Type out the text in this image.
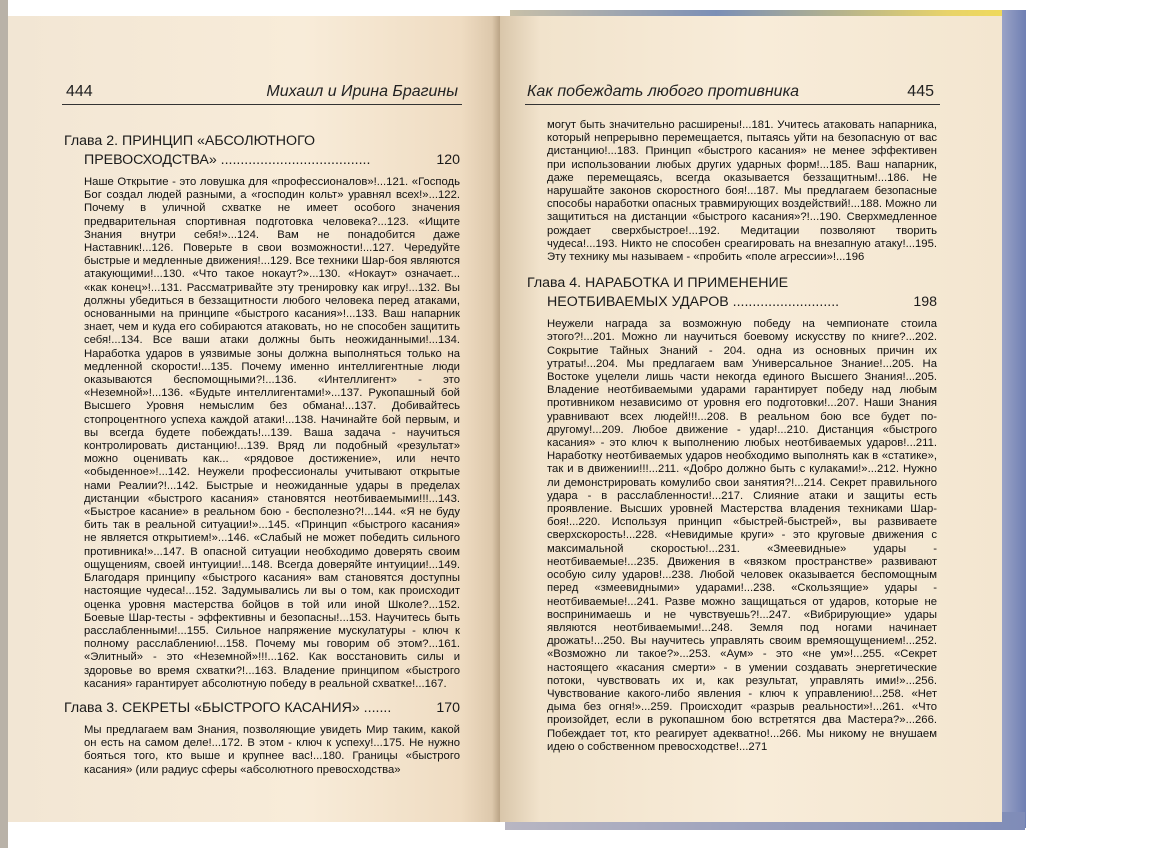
444	Михаил и Ирина Брагины
Глава 2. ПРИНЦИП «АБСОЛЮТНОГО
ПРЕВОСХОДСТВА» ......................................	120

Наше Открытие - это ловушка для «профессионалов»!...121. «Господь Бог создал людей разными, а «господин кольт» уравнял всех!»...122. Почему в уличной схватке не имеет особого значения предварительная спортивная подготовка человека?...123. «Ищите Знания внутри себя!»...124. Вам не понадобится даже Наставник!...126. Поверьте в свои возможности!...127. Чередуйте быстрые и медленные движения!...129. Все техники Шар-боя являются атакующими!...130. «Что такое нокаут?»...130. «Нокаут» означает... «как конец»!...131. Рассматривайте эту тренировку как игру!...132. Вы должны убедиться в беззащитности любого человека перед атаками, основанными на принципе «быстрого касания»!...133. Ваш напарник знает, чем и куда его собираются атаковать, но не способен защитить себя!...134. Все ваши атаки должны быть неожиданными!...134. Наработка ударов в уязвимые зоны должна выполняться только на медленной скорости!...135. Почему именно интеллигентные люди оказываются беспомощными?!...136. «Интеллигент» - это «Неземной»!...136. «Будьте интеллигентами!»...137. Рукопашный бой Высшего Уровня немыслим без обмана!...137. Добивайтесь стопроцентного успеха каждой атаки!...138. Начинайте бой первым, и вы всегда будете побеждать!...139. Ваша задача - научиться контролировать дистанцию!...139. Вряд ли подобный «результат» можно оценивать как... «рядовое достижение», или нечто «обыденное»!...142. Неужели профессионалы учитывают открытые нами Реалии?!...142. Быстрые и неожиданные удары в пределах дистанции «быстрого касания» становятся неотбиваемыми!!!...143. «Быстрое касание» в реальном бою - бесполезно?!...144. «Я не буду бить так в реальной ситуации!»...145. «Принцип «быстрого касания» не является открытием!»...146. «Слабый не может победить сильного противника!»...147. В опасной ситуации необходимо доверять своим ощущениям, своей интуиции!...148. Всегда доверяйте интуиции!...149. Благодаря принципу «быстрого касания» вам становятся доступны настоящие чудеса!...152. Задумывались ли вы о том, как происходит оценка уровня мастерства бойцов в той или иной Школе?...152. Боевые Шар-тесты - эффективны и безопасны!...153. Научитесь быть расслабленными!...155. Сильное напряжение мускулатуры - ключ к полному расслаблению!...158. Почему мы говорим об этом?...161. «Элитный» - это «Неземной»!!!...162. Как восстановить силы и здоровье во время схватки?!...163. Владение принципом «быстрого касания» гарантирует абсолютную победу в реальной схватке!...167.

Глава 3. СЕКРЕТЫ «БЫСТРОГО КАСАНИЯ» .......	170

Мы предлагаем вам Знания, позволяющие увидеть Мир таким, какой он есть на самом деле!...172. В этом - ключ к успеху!...175. Не нужно бояться того, кто выше и крупнее вас!...180. Границы «быстрого касания» (или радиус сферы «абсолютного превосходства»

Как побеждать любого противника	445

могут быть значительно расширены!...181. Учитесь атаковать напарника, который непрерывно перемещается, пытаясь уйти на безопасную от вас дистанцию!...183. Принцип «быстрого касания» не менее эффективен при использовании любых других ударных форм!...185. Ваш напарник, даже перемещаясь, всегда оказывается беззащитным!...186. Не нарушайте законов скоростного боя!...187. Мы предлагаем безопасные способы наработки опасных травмирующих воздействий!...188. Можно ли защититься на дистанции «быстрого касания»?!...190. Сверхмедленное рождает сверхбыстрое!...192. Медитации позволяют творить чудеса!...193. Никто не способен среагировать на внезапную атаку!...195. Эту технику мы называем - «пробить «поле агрессии»!...196

Глава 4. НАРАБОТКА И ПРИМЕНЕНИЕ
НЕОТБИВАЕМЫХ УДАРОВ ...........................	198

Неужели наградa за возможную победу на чемпионате стоила этого?!...201. Можно ли научиться боевому искусству по книге?...202. Сокрытие Тайных Знаний - 204. одна из основных причин их утраты!...204. Мы предлагаем вам Универсальное Знание!...205. На Востоке уцелели лишь части некогда единого Высшего Знания!...205. Владение неотбиваемыми ударами гарантирует победу над любым противником независимо от уровня его подготовки!...207. Наши Знания уравнивают всех людей!!!...208. В реальном бою все будет по-другому!...209. Любое движение - удар!...210. Дистанция «быстрого касания» - это ключ к выполнению любых неотбиваемых ударов!...211. Наработку неотбиваемых ударов необходимо выполнять как в «статике», так и в движении!!!...211. «Добро должно быть с кулаками!»...212. Нужно ли демонстрировать комулибо свои занятия?!...214. Секрет правильного удара - в расслабленности!...217. Слияние атаки и защиты есть проявление. Высших уровней Мастерства владения техниками Шар-боя!...220. Используя принцип «быстрей-быстрей», вы развиваете сверхскорость!...228. «Невидимые круги» - это круговые движения с максимальной скоростью!...231. «Змеевидные» удары - неотбиваемые!...235. Движения в «вязком пространстве» развивают особую силу ударов!...238. Любой человек оказывается беспомощным перед «змеевидными» ударами!...238. «Скользящие» удары - неотбиваемые!...241. Разве можно защищаться от ударов, которые не воспринимаешь и не чувствуешь?!...247. «Вибрирующие» удары являются неотбиваемыми!...248. Земля под ногами начинает дрожать!...250. Вы научитесь управлять своим времяощущением!...252. «Возможно ли такое?»...253. «Аум» - это «не ум»!...255. «Секрет настоящего «касания смерти» - в умении создавать энергетические потоки, чувствовать их и, как результат, управлять ими!»...256. Чувствование какого-либо явления - ключ к управлению!...258. «Нет дыма без огня!»...259. Происходит «разрыв реальности»!...261. «Что произойдет, если в рукопашном бою встретятся два Мастера?»...266. Побеждает тот, кто реагирует адекватно!...266. Мы никому не внушаем идею о собственном превосходстве!...271
